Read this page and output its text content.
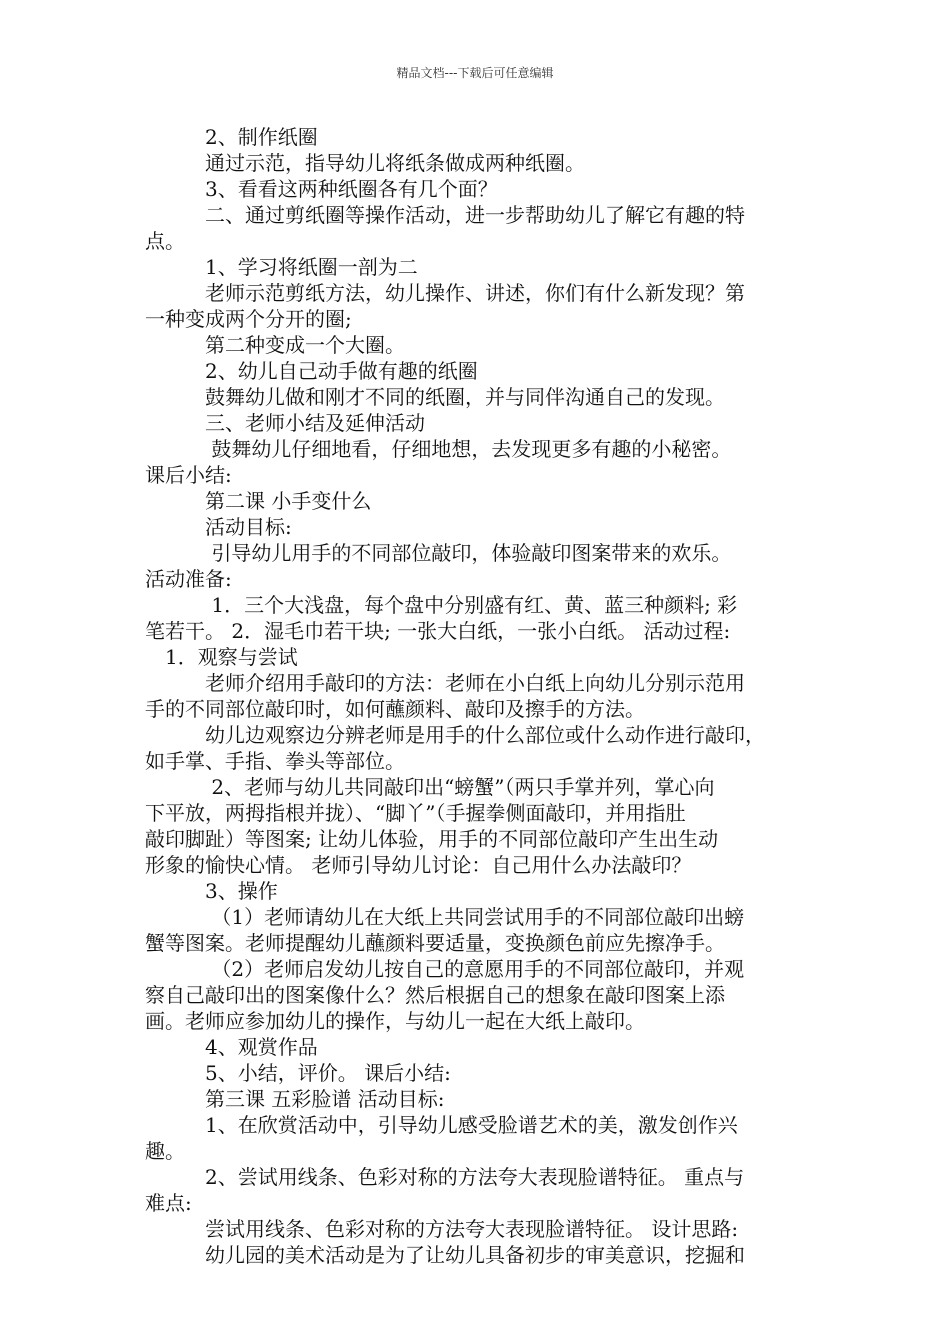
精品文档---下载后可任意编辑
　　　2、制作纸圈
　　　通过示范，指导幼儿将纸条做成两种纸圈。
　　　3、看看这两种纸圈各有几个面？
　　　二、通过剪纸圈等操作活动，进一步帮助幼儿了解它有趣的特
点。
　　　1、学习将纸圈一剖为二
　　　老师示范剪纸方法，幼儿操作、讲述，你们有什么新发现？第
一种变成两个分开的圈;
　　　第二种变成一个大圈。
　　　2、幼儿自己动手做有趣的纸圈
　　　鼓舞幼儿做和刚才不同的纸圈，并与同伴沟通自己的发现。
　　　三、老师小结及延伸活动
　　　 鼓舞幼儿仔细地看，仔细地想，去发现更多有趣的小秘密。
课后小结:
　　　第二课 小手变什么
　　　活动目标:
　　　 引导幼儿用手的不同部位敲印，体验敲印图案带来的欢乐。
活动准备:
　　　 1．三个大浅盘，每个盘中分别盛有红、黄、蓝三种颜料; 彩
笔若干。 2．湿毛巾若干块; 一张大白纸，一张小白纸。 活动过程:
　1．观察与尝试
　　　老师介绍用手敲印的方法：老师在小白纸上向幼儿分别示范用
手的不同部位敲印时，如何蘸颜料、敲印及擦手的方法。
　　　幼儿边观察边分辨老师是用手的什么部位或什么动作进行敲印，
如手掌、手指、拳头等部位。
　　　 2、老师与幼儿共同敲印出“螃蟹”（两只手掌并列，掌心向
下平放，两拇指根并拢）、“脚丫”（手握拳侧面敲印，并用指肚
敲印脚趾）等图案; 让幼儿体验，用手的不同部位敲印产生出生动
形象的愉快心情。 老师引导幼儿讨论：自己用什么办法敲印？
　　　3、操作
　　　 （1）老师请幼儿在大纸上共同尝试用手的不同部位敲印出螃
蟹等图案。老师提醒幼儿蘸颜料要适量，变换颜色前应先擦净手。
　　　 （2）老师启发幼儿按自己的意愿用手的不同部位敲印，并观
察自己敲印出的图案像什么？然后根据自己的想象在敲印图案上添
画。老师应参加幼儿的操作，与幼儿一起在大纸上敲印。
　　　4、观赏作品
　　　5、小结，评价。 课后小结:
　　　第三课 五彩脸谱 活动目标:
　　　1、在欣赏活动中，引导幼儿感受脸谱艺术的美，激发创作兴
趣。
　　　2、尝试用线条、色彩对称的方法夸大表现脸谱特征。 重点与
难点:
　　　尝试用线条、色彩对称的方法夸大表现脸谱特征。 设计思路:
　　　幼儿园的美术活动是为了让幼儿具备初步的审美意识，挖掘和
